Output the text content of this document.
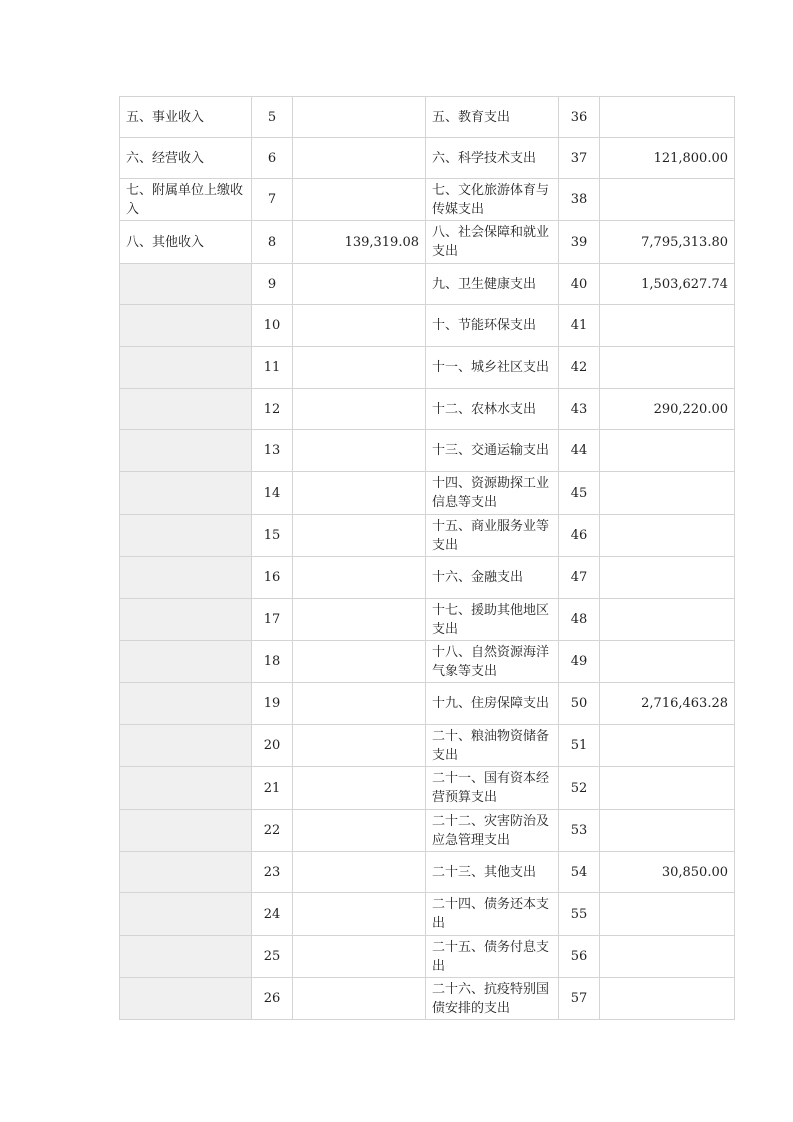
五、事业收入	5		五、教育支出	36	
六、经营收入	6		六、科学技术支出	37	121,800.00
七、附属单位上缴收入	7		七、文化旅游体育与传媒支出	38	
八、其他收入	8	139,319.08	八、社会保障和就业支出	39	7,795,313.80
	9		九、卫生健康支出	40	1,503,627.74
	10		十、节能环保支出	41	
	11		十一、城乡社区支出	42	
	12		十二、农林水支出	43	290,220.00
	13		十三、交通运输支出	44	
	14		十四、资源勘探工业信息等支出	45	
	15		十五、商业服务业等支出	46	
	16		十六、金融支出	47	
	17		十七、援助其他地区支出	48	
	18		十八、自然资源海洋气象等支出	49	
	19		十九、住房保障支出	50	2,716,463.28
	20		二十、粮油物资储备支出	51	
	21		二十一、国有资本经营预算支出	52	
	22		二十二、灾害防治及应急管理支出	53	
	23		二十三、其他支出	54	30,850.00
	24		二十四、债务还本支出	55	
	25		二十五、债务付息支出	56	
	26		二十六、抗疫特别国债安排的支出	57	
